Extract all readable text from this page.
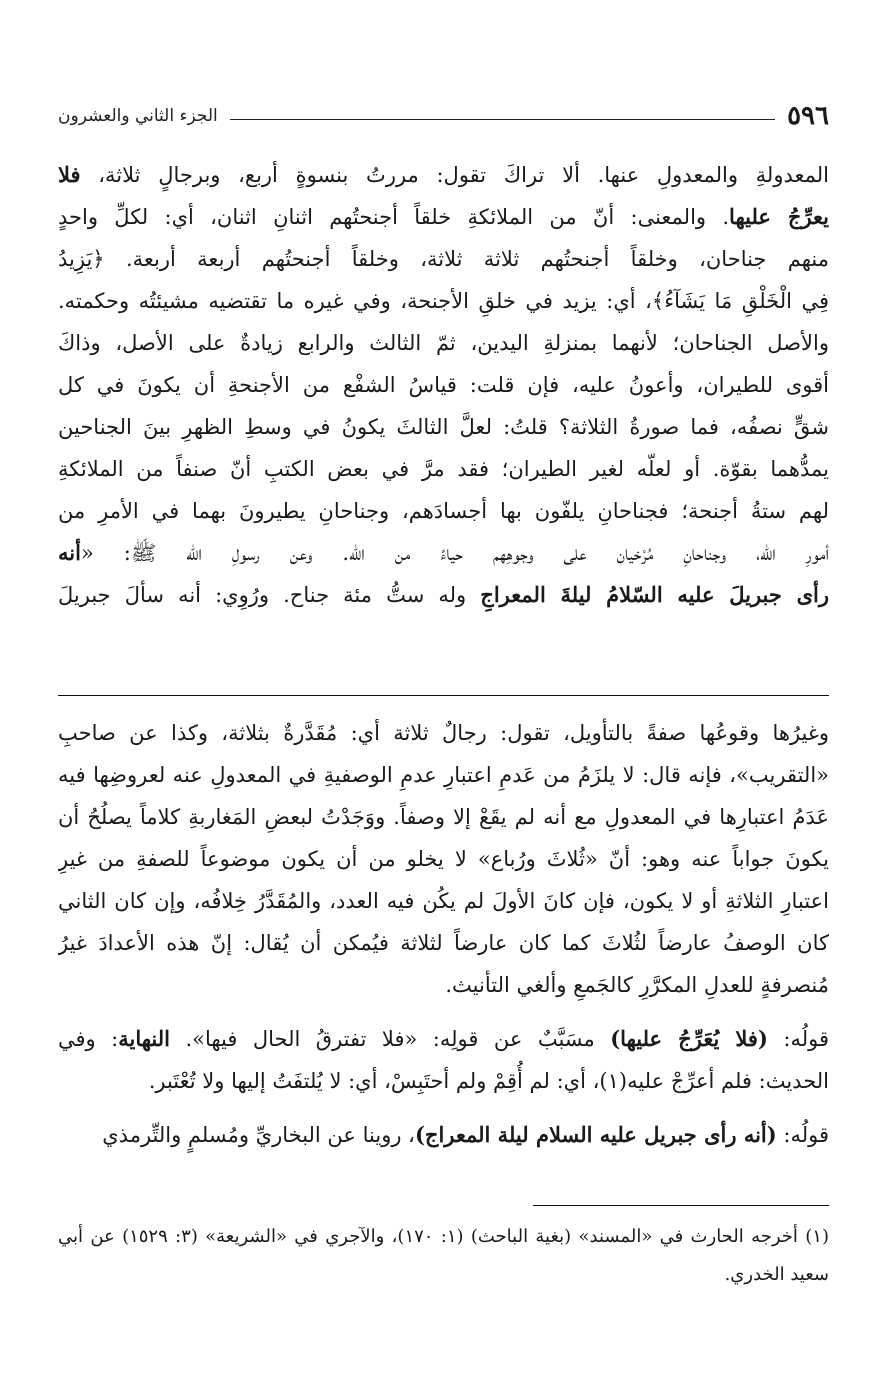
الجزء الثاني والعشرون	٥٩٦
المعدولةِ والمعدولِ عنها. ألا تراكَ تقول: مررتُ بنسوةٍ أربع، وبرجالٍ ثلاثة، فلا
يعرِّجُ عليها. والمعنى: أنّ من الملائكةِ خلقاً أجنحتُهم اثنانِ اثنان، أي: لكلِّ واحدٍ
منهم جناحان، وخلقاً أجنحتُهم ثلاثة ثلاثة، وخلقاً أجنحتُهم أربعة أربعة. ﴿يَزِيدُ
فِي الْخَلْقِ مَا يَشَآءُ﴾، أي: يزيد في خلقِ الأجنحة، وفي غيره ما تقتضيه مشيئتُه وحكمته.
والأصل الجناحان؛ لأنهما بمنزلةِ اليدين، ثمّ الثالث والرابع زيادةٌ على الأصل، وذاكَ
أقوى للطيران، وأعونُ عليه، فإن قلت: قياسُ الشفْع من الأجنحةِ أن يكونَ في كل
شقٍّ نصفُه، فما صورةُ الثلاثة؟ قلتُ: لعلَّ الثالثَ يكونُ في وسطِ الظهرِ بينَ الجناحين
يمدُّهما بقوّة. أو لعلّه لغير الطيران؛ فقد مرَّ في بعض الكتبِ أنّ صنفاً من الملائكةِ
لهم ستةُ أجنحة؛ فجناحانِ يلفّون بها أجسادَهم، وجناحانِ يطيرونَ بهما في الأمرِ من
أمورِ الله، وجناحانِ مُرْخيان على وجوهِهم حياءً من الله. وعن رسولِ الله ﷺ: «أنه
رأى جبريلَ عليه السّلامُ ليلةَ المعراجِ وله ستُّ مئة جناح. ورُوِي: أنه سألَ جبريلَ
وغيرُها وقوعُها صفةً بالتأويل، تقول: رجالٌ ثلاثة أي: مُقَدَّرةٌ بثلاثة، وكذا عن صاحبِ
«التقريب»، فإنه قال: لا يلزَمُ من عَدمِ اعتبارِ عدمِ الوصفيةِ في المعدولِ عنه لعروضِها فيه
عَدَمُ اعتبارِها في المعدولِ مع أنه لم يقَعْ إلا وصفاً. ووَجَدْتُ لبعضِ المَغاربةِ كلاماً يصلُحُ أن
يكونَ جواباً عنه وهو: أنّ «ثُلاثَ ورُباع» لا يخلو من أن يكون موضوعاً للصفةِ من غيرِ
اعتبارِ الثلاثةِ أو لا يكون، فإن كانَ الأولَ لم يكُن فيه العدد، والمُقَدَّرُ خِلافُه، وإن كان الثاني
كان الوصفُ عارضاً لثُلاثَ كما كان عارضاً لثلاثة فيُمكن أن يُقال: إنّ هذه الأعدادَ غيرُ
مُنصرفةٍ للعدلِ المكرَّرِ كالجَمعِ وألغي التأنيث.
قولُه: (فلا يُعَرِّجُ عليها) مسَبَّبٌ عن قولِه: «فلا تفترقُ الحال فيها». النهاية: وفي
الحديث: فلم أعرِّجْ عليه(١)، أي: لم أُقِمْ ولم أحتَبِسْ، أي: لا يُلتفَتُ إليها ولا تُعْتَبر.
قولُه: (أنه رأى جبريل عليه السلام ليلة المعراج)، روينا عن البخاريِّ ومُسلمٍ والتِّرمذي
(١) أخرجه الحارث في «المسند» (بغية الباحث) (١: ١٧٠)، والآجري في «الشريعة» (٣: ١٥٢٩) عن أبي
سعيد الخدري.
